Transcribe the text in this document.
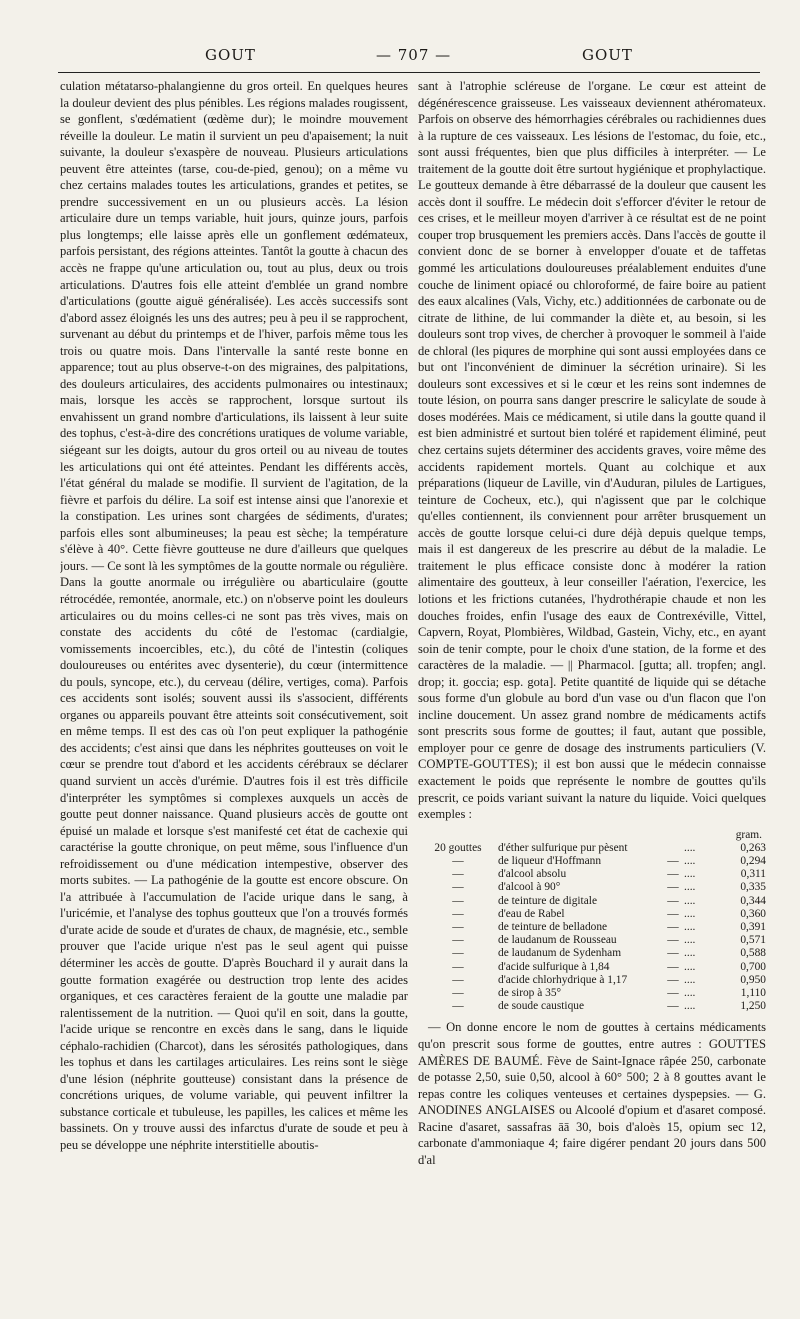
GOUT	— 707 —	GOUT

culation métatarso-phalangienne du gros orteil. En quelques heures la douleur devient des plus pénibles. Les régions malades rougissent, se gonflent, s'œdématient (œdème dur); le moindre mouvement réveille la douleur. Le matin il survient un peu d'apaisement; la nuit suivante, la douleur s'exaspère de nouveau. Plusieurs articulations peuvent être atteintes (tarse, cou-de-pied, genou); on a même vu chez certains malades toutes les articulations, grandes et petites, se prendre successivement en un ou plusieurs accès. La lésion articulaire dure un temps variable, huit jours, quinze jours, parfois plus longtemps; elle laisse après elle un gonflement œdémateux, parfois persistant, des régions atteintes. Tantôt la goutte à chacun des accès ne frappe qu'une articulation ou, tout au plus, deux ou trois articulations. D'autres fois elle atteint d'emblée un grand nombre d'articulations (goutte aiguë généralisée). Les accès successifs sont d'abord assez éloignés les uns des autres; peu à peu il se rapprochent, survenant au début du printemps et de l'hiver, parfois même tous les trois ou quatre mois. Dans l'intervalle la santé reste bonne en apparence; tout au plus observe-t-on des migraines, des palpitations, des douleurs articulaires, des accidents pulmonaires ou intestinaux; mais, lorsque les accès se rapprochent, lorsque surtout ils envahissent un grand nombre d'articulations, ils laissent à leur suite des tophus, c'est-à-dire des concrétions uratiques de volume variable, siégeant sur les doigts, autour du gros orteil ou au niveau de toutes les articulations qui ont été atteintes. Pendant les différents accès, l'état général du malade se modifie. Il survient de l'agitation, de la fièvre et parfois du délire. La soif est intense ainsi que l'anorexie et la constipation. Les urines sont chargées de sédiments, d'urates; parfois elles sont albumineuses; la peau est sèche; la température s'élève à 40°. Cette fièvre goutteuse ne dure d'ailleurs que quelques jours. — Ce sont là les symptômes de la goutte normale ou régulière. Dans la goutte anormale ou irrégulière ou abarticulaire (goutte rétrocédée, remontée, anormale, etc.) on n'observe point les douleurs articulaires ou du moins celles-ci ne sont pas très vives, mais on constate des accidents du côté de l'estomac (cardialgie, vomissements incoercibles, etc.), du côté de l'intestin (coliques douloureuses ou entérites avec dysenterie), du cœur (intermittence du pouls, syncope, etc.), du cerveau (délire, vertiges, coma). Parfois ces accidents sont isolés; souvent aussi ils s'associent, différents organes ou appareils pouvant être atteints soit consécutivement, soit en même temps. Il est des cas où l'on peut expliquer la pathogénie des accidents; c'est ainsi que dans les néphrites goutteuses on voit le cœur se prendre tout d'abord et les accidents cérébraux se déclarer quand survient un accès d'urémie. D'autres fois il est très difficile d'interpréter les symptômes si complexes auxquels un accès de goutte peut donner naissance. Quand plusieurs accès de goutte ont épuisé un malade et lorsque s'est manifesté cet état de cachexie qui caractérise la goutte chronique, on peut même, sous l'influence d'un refroidissement ou d'une médication intempestive, observer des morts subites. — La pathogénie de la goutte est encore obscure. On l'a attribuée à l'accumulation de l'acide urique dans le sang, à l'uricémie, et l'analyse des tophus goutteux que l'on a trouvés formés d'urate acide de soude et d'urates de chaux, de magnésie, etc., semble prouver que l'acide urique n'est pas le seul agent qui puisse déterminer les accès de goutte. D'après Bouchard il y aurait dans la goutte formation exagérée ou destruction trop lente des acides organiques, et ces caractères feraient de la goutte une maladie par ralentissement de la nutrition. — Quoi qu'il en soit, dans la goutte, l'acide urique se rencontre en excès dans le sang, dans le liquide céphalo-rachidien (Charcot), dans les sérosités pathologiques, dans les tophus et dans les cartilages articulaires. Les reins sont le siège d'une lésion (néphrite goutteuse) consistant dans la présence de concrétions uriques, de volume variable, qui peuvent infiltrer la substance corticale et tubuleuse, les papilles, les calices et même les bassinets. On y trouve aussi des infarctus d'urate de soude et peu à peu se développe une néphrite interstitielle aboutis-

sant à l'atrophie scléreuse de l'organe. Le cœur est atteint de dégénérescence graisseuse. Les vaisseaux deviennent athéromateux. Parfois on observe des hémorrhagies cérébrales ou rachidiennes dues à la rupture de ces vaisseaux. Les lésions de l'estomac, du foie, etc., sont aussi fréquentes, bien que plus difficiles à interpréter. — Le traitement de la goutte doit être surtout hygiénique et prophylactique. Le goutteux demande à être débarrassé de la douleur que causent les accès dont il souffre. Le médecin doit s'efforcer d'éviter le retour de ces crises, et le meilleur moyen d'arriver à ce résultat est de ne point couper trop brusquement les premiers accès. Dans l'accès de goutte il convient donc de se borner à envelopper d'ouate et de taffetas gommé les articulations douloureuses préalablement enduites d'une couche de liniment opiacé ou chloroformé, de faire boire au patient des eaux alcalines (Vals, Vichy, etc.) additionnées de carbonate ou de citrate de lithine, de lui commander la diète et, au besoin, si les douleurs sont trop vives, de chercher à provoquer le sommeil à l'aide de chloral (les piqures de morphine qui sont aussi employées dans ce but ont l'inconvénient de diminuer la sécrétion urinaire). Si les douleurs sont excessives et si le cœur et les reins sont indemnes de toute lésion, on pourra sans danger prescrire le salicylate de soude à doses modérées. Mais ce médicament, si utile dans la goutte quand il est bien administré et surtout bien toléré et rapidement éliminé, peut chez certains sujets déterminer des accidents graves, voire même des accidents rapidement mortels. Quant au colchique et aux préparations (liqueur de Laville, vin d'Auduran, pilules de Lartigues, teinture de Cocheux, etc.), qui n'agissent que par le colchique qu'elles contiennent, ils conviennent pour arrêter brusquement un accès de goutte lorsque celui-ci dure déjà depuis quelque temps, mais il est dangereux de les prescrire au début de la maladie. Le traitement le plus efficace consiste donc à modérer la ration alimentaire des goutteux, à leur conseiller l'aération, l'exercice, les lotions et les frictions cutanées, l'hydrothérapie chaude et non les douches froides, enfin l'usage des eaux de Contrexéville, Vittel, Capvern, Royat, Plombières, Wildbad, Gastein, Vichy, etc., en ayant soin de tenir compte, pour le choix d'une station, de la forme et des caractères de la maladie. — || Pharmacol. [gutta; all. tropfen; angl. drop; it. goccia; esp. gota]. Petite quantité de liquide qui se détache sous forme d'un globule au bord d'un vase ou d'un flacon que l'on incline doucement. Un assez grand nombre de médicaments actifs sont prescrits sous forme de gouttes; il faut, autant que possible, employer pour ce genre de dosage des instruments particuliers (V. COMPTE-GOUTTES); il est bon aussi que le médecin connaisse exactement le poids que représente le nombre de gouttes qu'ils prescrit, ce poids variant suivant la nature du liquide. Voici quelques exemples :

gram.
20 gouttes	d'éther sulfurique pur pèsent	....	0,263
—	de liqueur d'Hoffmann	— ....	0,294
—	d'alcool absolu	— ....	0,311
—	d'alcool à 90°	— ....	0,335
—	de teinture de digitale	— ....	0,344
—	d'eau de Rabel	— ....	0,360
—	de teinture de belladone	— ....	0,391
—	de laudanum de Rousseau	— ....	0,571
—	de laudanum de Sydenham	— ....	0,588
—	d'acide sulfurique à 1,84	— ....	0,700
—	d'acide chlorhydrique à 1,17	— ....	0,950
—	de sirop à 35°	— ....	1,110
—	de soude caustique	— ....	1,250

— On donne encore le nom de gouttes à certains médicaments qu'on prescrit sous forme de gouttes, entre autres : GOUTTES AMÈRES DE BAUMÉ. Fève de Saint-Ignace râpée 250, carbonate de potasse 2,50, suie 0,50, alcool à 60° 500; 2 à 8 gouttes avant le repas contre les coliques venteuses et certaines dyspepsies. — G. ANODINES ANGLAISES ou Alcoolé d'opium et d'asaret composé. Racine d'asaret, sassafras āā 30, bois d'aloès 15, opium sec 12, carbonate d'ammoniaque 4; faire digérer pendant 20 jours dans 500 d'al
